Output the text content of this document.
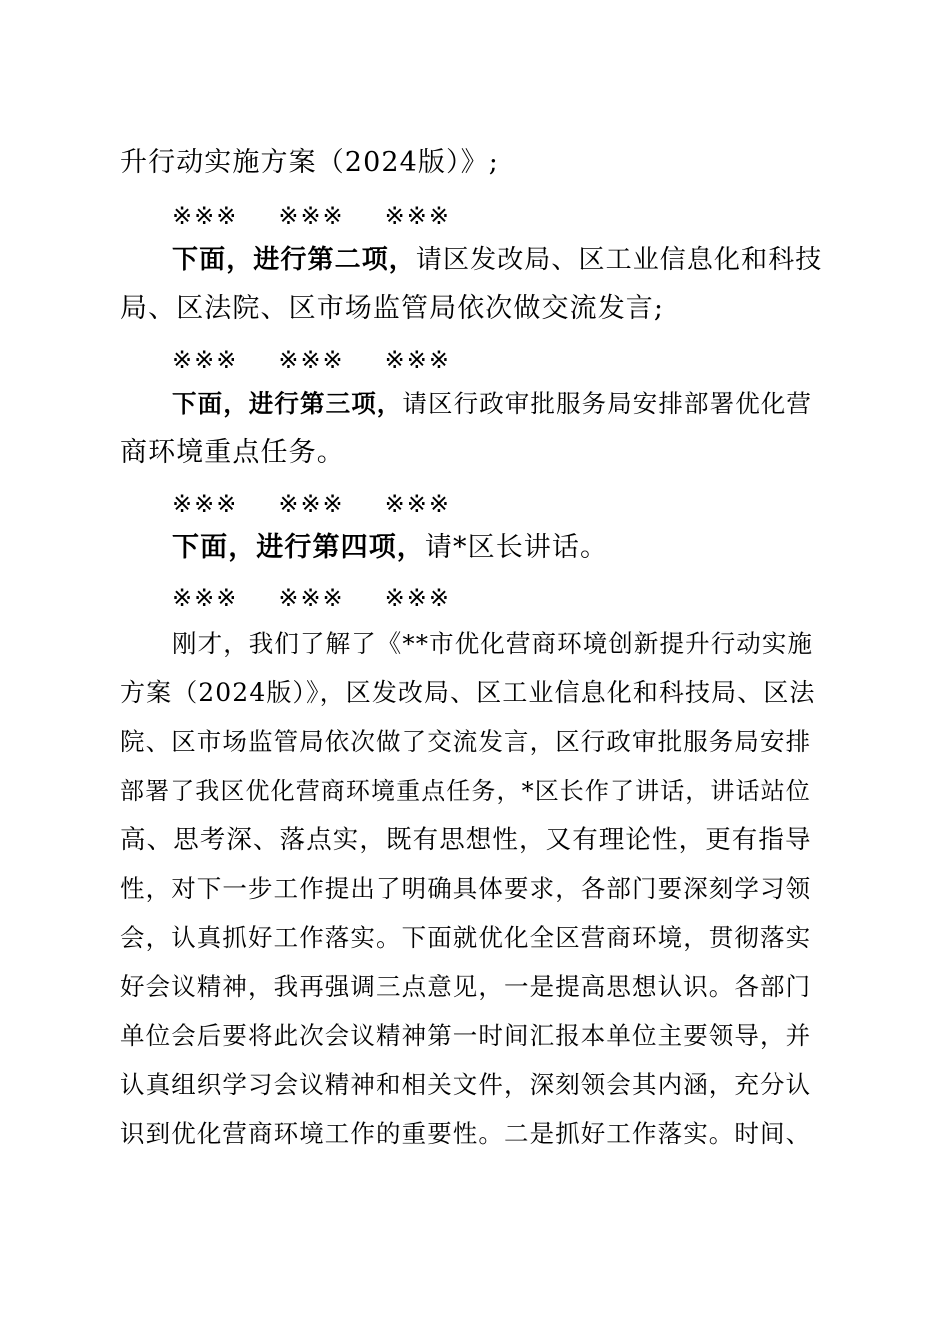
升行动实施方案（2024版）》;
※※※ ※※※ ※※※
下面，进行第二项，请区发改局、区工业信息化和科技
局、区法院、区市场监管局依次做交流发言;
※※※ ※※※ ※※※
下面，进行第三项，请区行政审批服务局安排部署优化营
商环境重点任务。
※※※ ※※※ ※※※
下面，进行第四项，请*区长讲话。
※※※ ※※※ ※※※
刚才，我们了解了《**市优化营商环境创新提升行动实施
方案（2024版）》，区发改局、区工业信息化和科技局、区法
院、区市场监管局依次做了交流发言，区行政审批服务局安排
部署了我区优化营商环境重点任务，*区长作了讲话，讲话站位
高、思考深、落点实，既有思想性，又有理论性，更有指导
性，对下一步工作提出了明确具体要求，各部门要深刻学习领
会，认真抓好工作落实。下面就优化全区营商环境，贯彻落实
好会议精神，我再强调三点意见，一是提高思想认识。各部门
单位会后要将此次会议精神第一时间汇报本单位主要领导，并
认真组织学习会议精神和相关文件，深刻领会其内涵，充分认
识到优化营商环境工作的重要性。二是抓好工作落实。时间、
